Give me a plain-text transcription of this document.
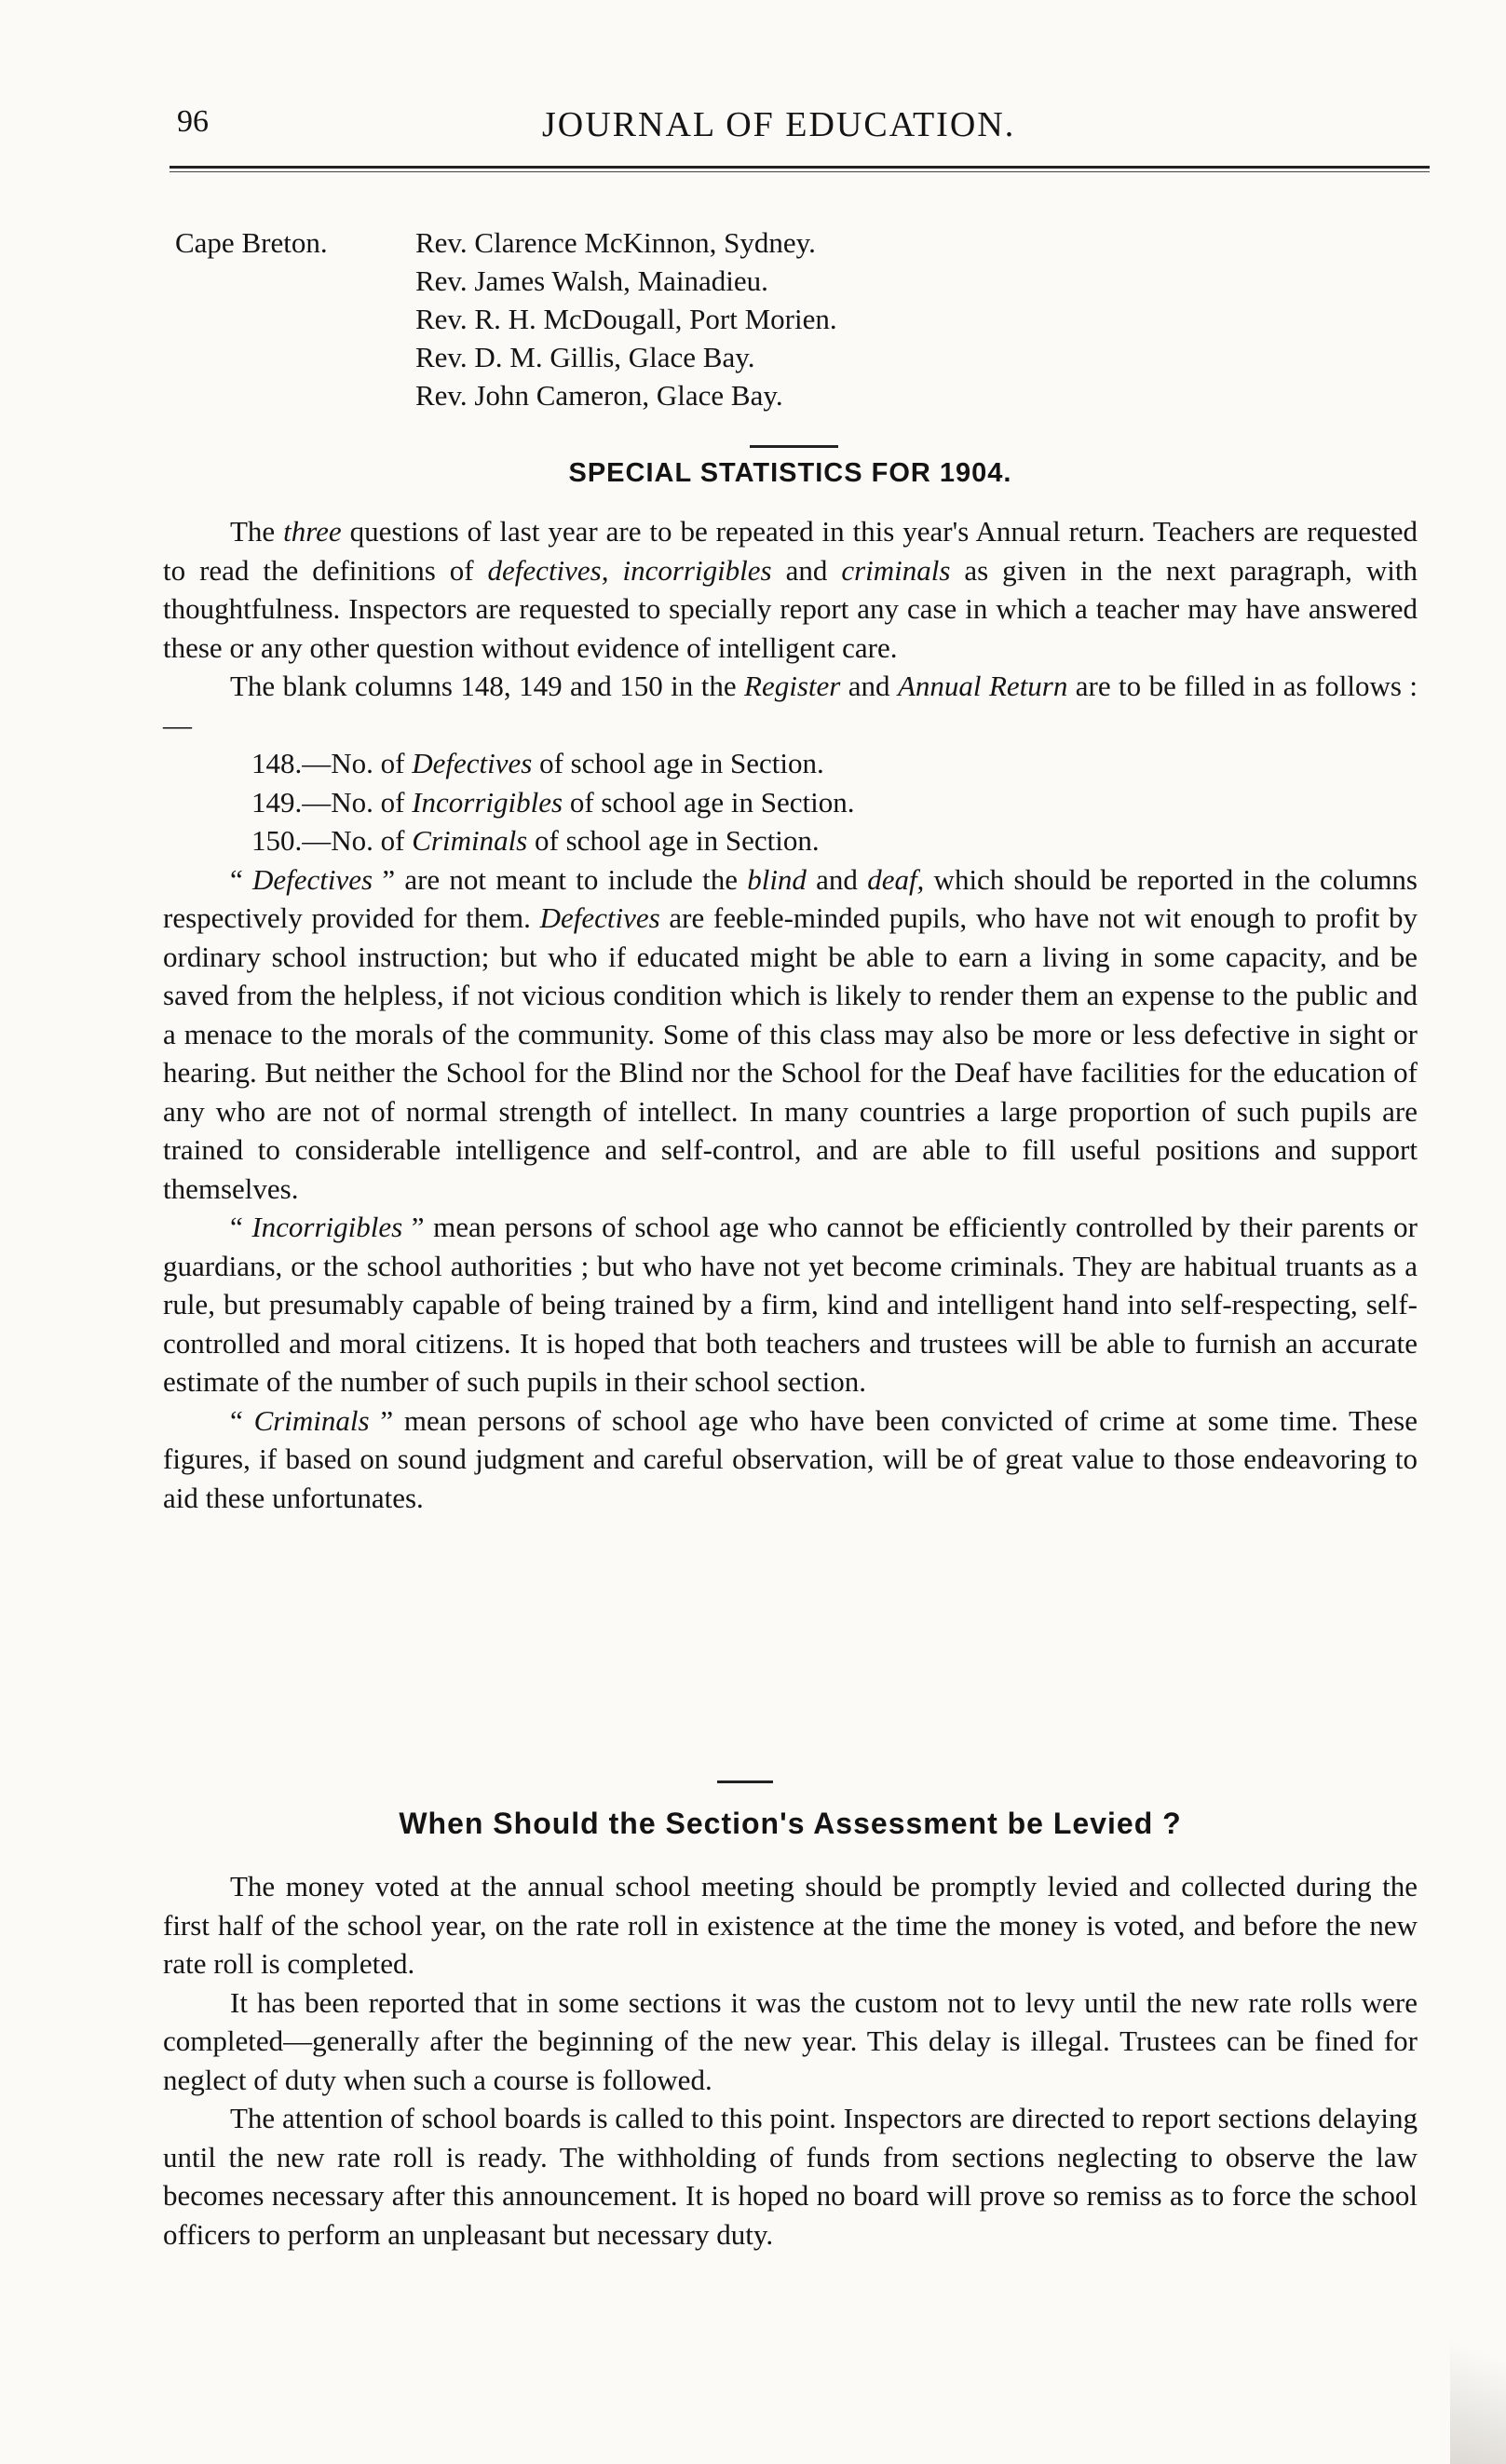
96	JOURNAL OF EDUCATION.
Cape Breton.	Rev. Clarence McKinnon, Sydney.
Rev. James Walsh, Mainadieu.
Rev. R. H. McDougall, Port Morien.
Rev. D. M. Gillis, Glace Bay.
Rev. John Cameron, Glace Bay.
SPECIAL STATISTICS FOR 1904.

The three questions of last year are to be repeated in this year's Annual return. Teachers are requested to read the definitions of defectives, incorrigibles and criminals as given in the next paragraph, with thoughtfulness. Inspectors are requested to specially report any case in which a teacher may have answered these or any other question without evidence of intelligent care.

The blank columns 148, 149 and 150 in the Register and Annual Return are to be filled in as follows :—

148.—No. of Defectives of school age in Section.

149.—No. of Incorrigibles of school age in Section.

150.—No. of Criminals of school age in Section.

“ Defectives ” are not meant to include the blind and deaf, which should be reported in the columns respectively provided for them. Defectives are feeble-minded pupils, who have not wit enough to profit by ordinary school instruction; but who if educated might be able to earn a living in some capacity, and be saved from the helpless, if not vicious condition which is likely to render them an expense to the public and a menace to the morals of the community. Some of this class may also be more or less defective in sight or hearing. But neither the School for the Blind nor the School for the Deaf have facilities for the education of any who are not of normal strength of intellect. In many countries a large proportion of such pupils are trained to considerable intelligence and self-control, and are able to fill useful positions and support themselves.

“ Incorrigibles ” mean persons of school age who cannot be efficiently controlled by their parents or guardians, or the school authorities ; but who have not yet become criminals. They are habitual truants as a rule, but presumably capable of being trained by a firm, kind and intelligent hand into self-respecting, self-controlled and moral citizens. It is hoped that both teachers and trustees will be able to furnish an accurate estimate of the number of such pupils in their school section.

“ Criminals ” mean persons of school age who have been convicted of crime at some time. These figures, if based on sound judgment and careful observation, will be of great value to those endeavoring to aid these unfortunates.

When Should the Section's Assessment be Levied ?

The money voted at the annual school meeting should be promptly levied and collected during the first half of the school year, on the rate roll in existence at the time the money is voted, and before the new rate roll is completed.

It has been reported that in some sections it was the custom not to levy until the new rate rolls were completed—generally after the beginning of the new year. This delay is illegal. Trustees can be fined for neglect of duty when such a course is followed.

The attention of school boards is called to this point. Inspectors are directed to report sections delaying until the new rate roll is ready. The withholding of funds from sections neglecting to observe the law becomes necessary after this announcement. It is hoped no board will prove so remiss as to force the school officers to perform an unpleasant but necessary duty.
